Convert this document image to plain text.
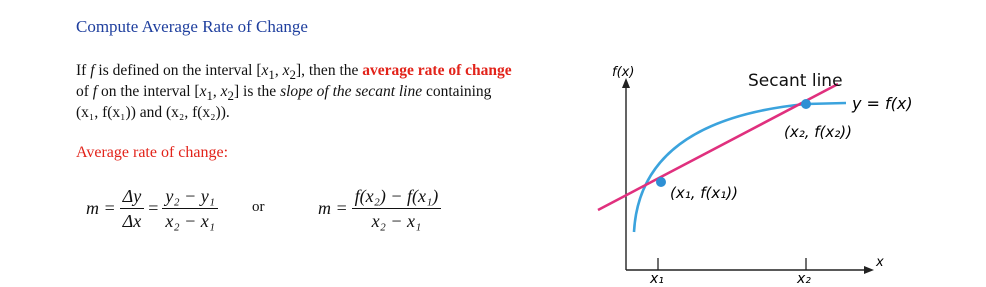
Compute Average Rate of Change
If f is defined on the interval [$x_1$, $x_2$], then the average rate of change
of f on the interval [$x_1$, $x_2$] is the slope of the secant line containing
(x₁, f(x₁)) and (x₂, f(x₂)).
Average rate of change:
$m = \frac{\Delta y}{\Delta x} = \frac{\text{y₂ − y₁}}{\text{x₂ − x₁}}$ or	$m = \frac{\text{f(x₂) − f(x₁)}}{\text{x₂ − x₁}}$
f(x)
x
Secant line
y = f(x)
(x₂, f(x₂))
(x₁, f(x₁))
x₁	x₂
